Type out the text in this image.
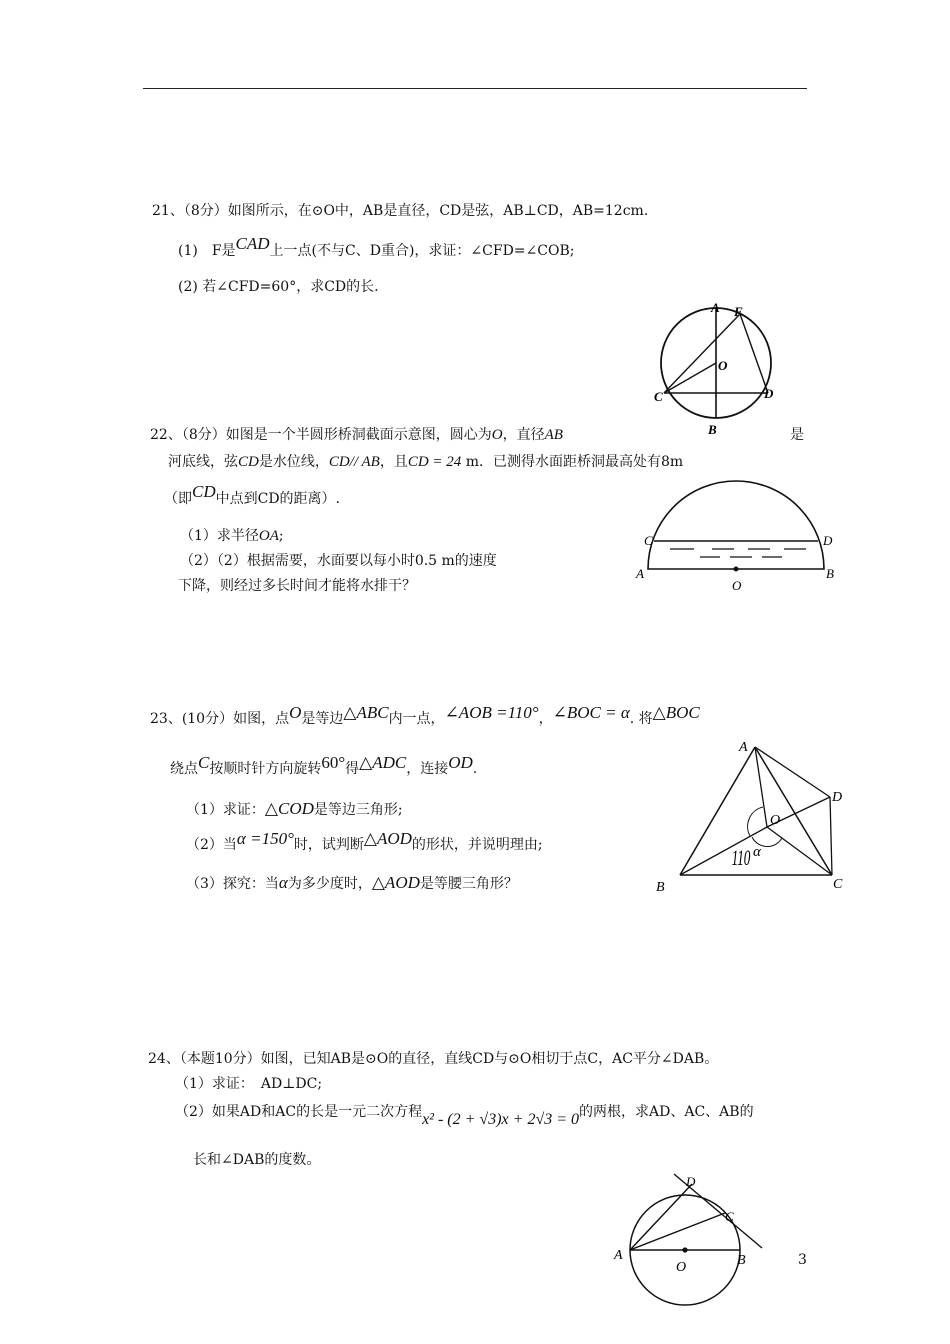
21、（8分）如图所示，在⊙O中，AB是直径，CD是弦，AB⊥CD，AB=12cm.
(1)　F是CAD上一点(不与C、D重合)，求证：∠CFD=∠COB;
(2) 若∠CFD=60°，求CD的长.
A F
O
C	D
B
22、（8分）如图是一个半圆形桥洞截面示意图，圆心为O，直径AB	是
河底线，弦CD是水位线，CD// AB，且CD = 24 m．已测得水面距桥洞最高处有8m
（即CD中点到CD的距离）.
（1）求半径OA;
（2）（2）根据需要，水面要以每小时0.5 m的速度
下降，则经过多长时间才能将水排干？
C	D
A	B
O
23、(10分）如图，点O是等边△ABC内一点，∠AOB =110°，∠BOC = α. 将△BOC
绕点C按顺时针方向旋转60°得△ADC，连接OD.
（1）求证：△COD是等边三角形;
（2）当α =150°时，试判断△AOD的形状，并说明理由;
（3）探究：当α为多少度时，△AOD是等腰三角形？
A
B	C
D
O
110 α
24、（本题10分）如图，已知AB是⊙O的直径，直线CD与⊙O相切于点C，AC平分∠DAB。
（1）求证：　AD⊥DC;
（2）如果AD和AC的长是一元二次方程x² - (2 + √3)x + 2√3 = 0的两根，求AD、AC、AB的
长和∠DAB的度数。
D
C
A
O	B	3
